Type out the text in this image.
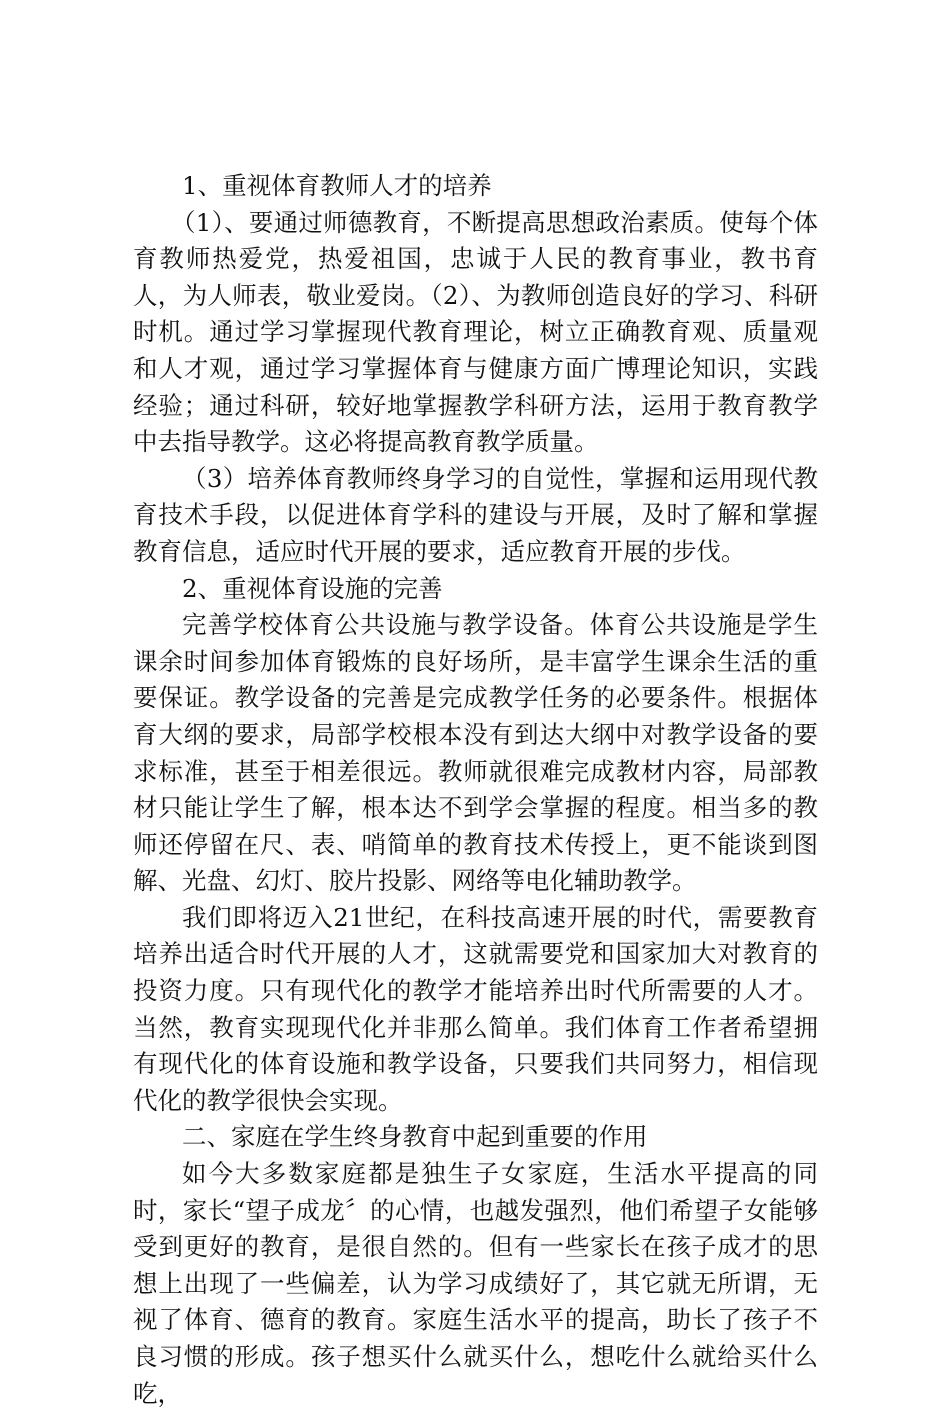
1、重视体育教师人才的培养

（1）、要通过师德教育，不断提高思想政治素质。使每个体育教师热爱党，热爱祖国，忠诚于人民的教育事业，教书育人，为人师表，敬业爱岗。（2）、为教师创造良好的学习、科研时机。通过学习掌握现代教育理论，树立正确教育观、质量观和人才观，通过学习掌握体育与健康方面广博理论知识，实践经验；通过科研，较好地掌握教学科研方法，运用于教育教学中去指导教学。这必将提高教育教学质量。

（3）培养体育教师终身学习的自觉性，掌握和运用现代教育技术手段，以促进体育学科的建设与开展，及时了解和掌握教育信息，适应时代开展的要求，适应教育开展的步伐。

2、重视体育设施的完善

完善学校体育公共设施与教学设备。体育公共设施是学生课余时间参加体育锻炼的良好场所，是丰富学生课余生活的重要保证。教学设备的完善是完成教学任务的必要条件。根据体育大纲的要求，局部学校根本没有到达大纲中对教学设备的要求标准，甚至于相差很远。教师就很难完成教材内容，局部教材只能让学生了解，根本达不到学会掌握的程度。相当多的教师还停留在尺、表、哨简单的教育技术传授上，更不能谈到图解、光盘、幻灯、胶片投影、网络等电化辅助教学。

我们即将迈入21世纪，在科技高速开展的时代，需要教育培养出适合时代开展的人才，这就需要党和国家加大对教育的投资力度。只有现代化的教学才能培养出时代所需要的人才。当然，教育实现现代化并非那么简单。我们体育工作者希望拥有现代化的体育设施和教学设备，只要我们共同努力，相信现代化的教学很快会实现。

二、家庭在学生终身教育中起到重要的作用

如今大多数家庭都是独生子女家庭，生活水平提高的同时，家长“望子成龙〞的心情，也越发强烈，他们希望子女能够受到更好的教育，是很自然的。但有一些家长在孩子成才的思想上出现了一些偏差，认为学习成绩好了，其它就无所谓，无视了体育、德育的教育。家庭生活水平的提高，助长了孩子不良习惯的形成。孩子想买什么就买什么，想吃什么就给买什么吃，
